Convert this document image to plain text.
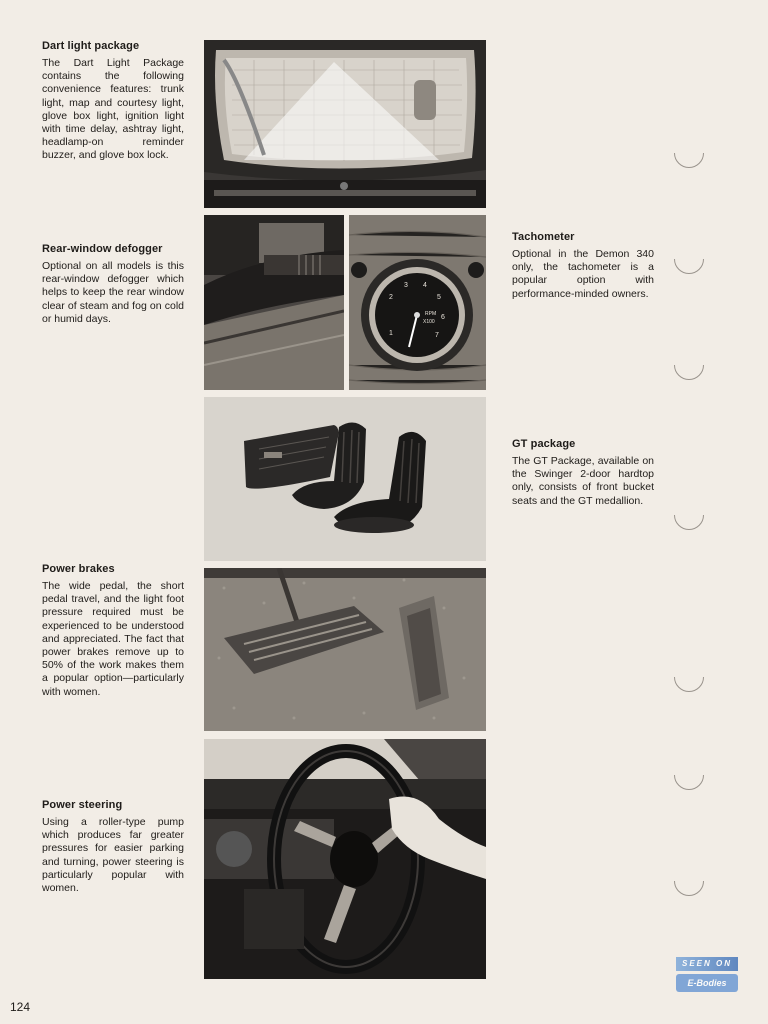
Dart light package

The Dart Light Package contains the following convenience features: trunk light, map and courtesy light, glove box light, ignition light with time delay, ashtray light, headlamp-on reminder buzzer, and glove box lock.

Rear-window defogger

Optional on all models is this rear-window defogger which helps to keep the rear window clear of steam and fog on cold or humid days.

Tachometer

Optional in the Demon 340 only, the tachometer is a popular option with performance-minded owners.

GT package

The GT Package, available on the Swinger 2-door hardtop only, consists of front bucket seats and the GT medallion.

Power brakes

The wide pedal, the short pedal travel, and the light foot pressure required must be experienced to be understood and appreciated. The fact that power brakes remove up to 50% of the work makes them a popular option—particularly with women.

Power steering

Using a roller-type pump which produces far greater pressures for easier parking and turning, power steering is particularly popular with women.

2
3 4
5
6
7
1
RPM
X100
SEEN ON
E-Bodies
124
